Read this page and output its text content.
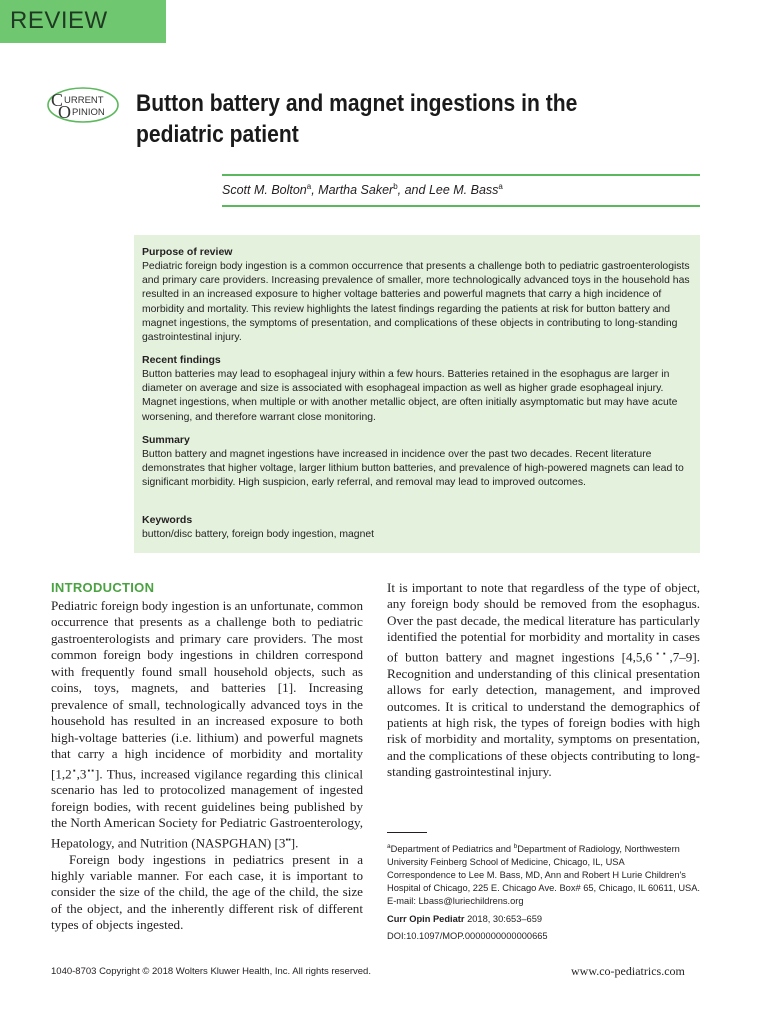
REVIEW
C URRENT
O PINION Button battery and magnet ingestions in the pediatric patient
Scott M. Bolton$^a$, Martha Saker$^b$, and Lee M. Bass$^a$
Purpose of review

Pediatric foreign body ingestion is a common occurrence that presents a challenge both to pediatric gastroenterologists and primary care providers. Increasing prevalence of smaller, more technologically advanced toys in the household has resulted in an increased exposure to higher voltage batteries and powerful magnets that carry a high incidence of morbidity and mortality. This review highlights the latest findings regarding the patients at risk for button battery and magnet ingestions, the symptoms of presentation, and complications of these objects in contributing to long-standing gastrointestinal injury.

Recent findings

Button batteries may lead to esophageal injury within a few hours. Batteries retained in the esophagus are larger in diameter on average and size is associated with esophageal impaction as well as higher grade esophageal injury. Magnet ingestions, when multiple or with another metallic object, are often initially asymptomatic but may have acute worsening, and therefore warrant close monitoring.

Summary

Button battery and magnet ingestions have increased in incidence over the past two decades. Recent literature demonstrates that higher voltage, larger lithium button batteries, and prevalence of high-powered magnets can lead to significant morbidity. High suspicion, early referral, and removal may lead to improved outcomes.

Keywords

button/disc battery, foreign body ingestion, magnet

INTRODUCTION

Pediatric foreign body ingestion is an unfortunate, common occurrence that presents as a challenge both to pediatric gastroenterologists and primary care providers. The most common foreign body ingestions in children correspond with frequently found small household objects, such as coins, toys, magnets, and batteries [1]. Increasing prevalence of small, technologically advanced toys in the household has resulted in an increased exposure to both high-voltage batteries (i.e. lithium) and powerful magnets that carry a high incidence of morbidity and mortality [1,2▪,3▪▪]. Thus, increased vigilance regarding this clinical scenario has led to protocolized management of ingested foreign bodies, with recent guidelines being published by the North American Society for Pediatric Gastroenterology, Hepatology, and Nutrition (NASPGHAN) [3▪▪].

Foreign body ingestions in pediatrics present in a highly variable manner. For each case, it is important to consider the size of the child, the age of the child, the size of the object, and the inherently different risk of different types of objects ingested.

It is important to note that regardless of the type of object, any foreign body should be removed from the esophagus. Over the past decade, the medical literature has particularly identified the potential for morbidity and mortality in cases of button battery and magnet ingestions [4,5,6▪▪,7–9]. Recognition and understanding of this clinical presentation allows for early detection, management, and improved outcomes. It is critical to understand the demographics of patients at high risk, the types of foreign bodies with high risk of morbidity and mortality, symptoms on presentation, and the complications of these objects contributing to long-standing gastrointestinal injury.

$^a$Department of Pediatrics and $^b$Department of Radiology, Northwestern University Feinberg School of Medicine, Chicago, IL, USA

Correspondence to Lee M. Bass, MD, Ann and Robert H Lurie Children's Hospital of Chicago, 225 E. Chicago Ave. Box# 65, Chicago, IL 60611, USA. E-mail: Lbass@luriechildrens.org

Curr Opin Pediatr 2018, 30:653–659

DOI:10.1097/MOP.0000000000000665

1040-8703 Copyright © 2018 Wolters Kluwer Health, Inc. All rights reserved.	www.co-pediatrics.com
